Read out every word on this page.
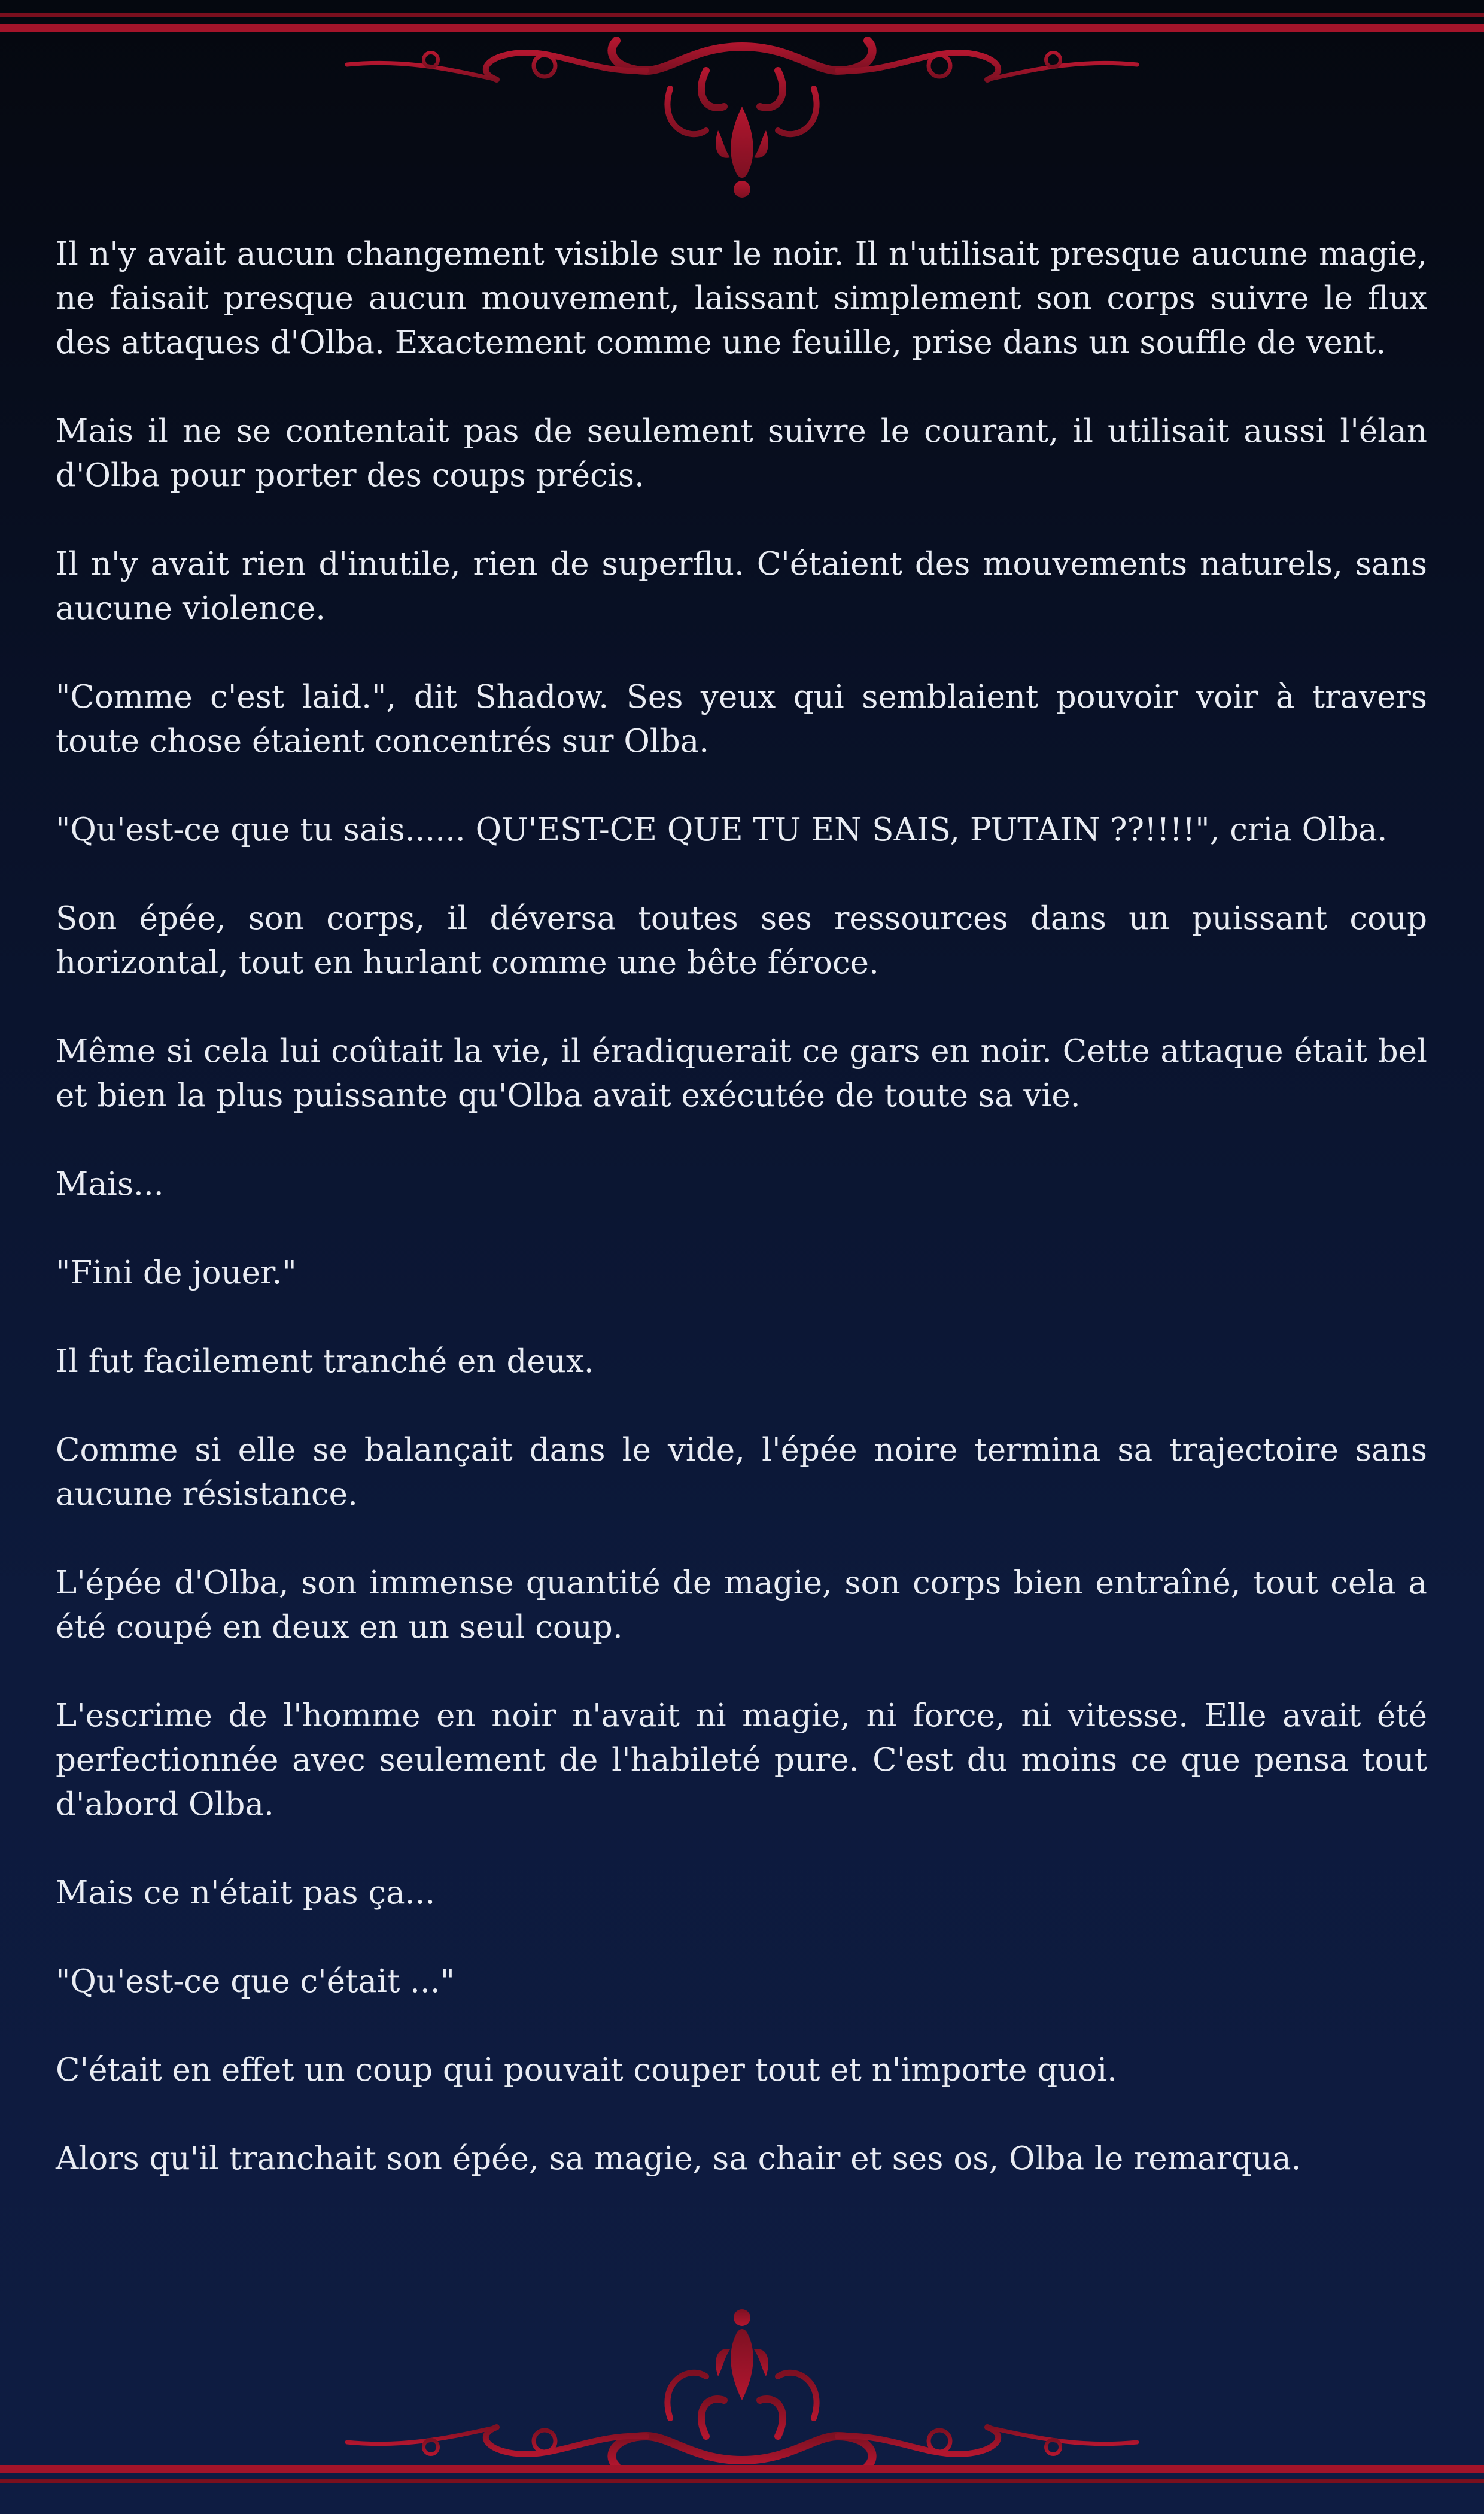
Il n'y avait aucun changement visible sur le noir. Il n'utilisait presque aucune magie, ne faisait presque aucun mouvement, laissant simplement son corps suivre le flux des attaques d'Olba. Exactement comme une feuille, prise dans un souffle de vent.

Mais il ne se contentait pas de seulement suivre le courant, il utilisait aussi l'élan d'Olba pour porter des coups précis.

Il n'y avait rien d'inutile, rien de superflu. C'étaient des mouvements naturels, sans aucune violence.

"Comme c'est laid.", dit Shadow. Ses yeux qui semblaient pouvoir voir à travers toute chose étaient concentrés sur Olba.

"Qu'est-ce que tu sais...... QU'EST-CE QUE TU EN SAIS, PUTAIN ??!!!!", cria Olba.

Son épée, son corps, il déversa toutes ses ressources dans un puissant coup horizontal, tout en hurlant comme une bête féroce.

Même si cela lui coûtait la vie, il éradiquerait ce gars en noir. Cette attaque était bel et bien la plus puissante qu'Olba avait exécutée de toute sa vie.

Mais...

"Fini de jouer."

Il fut facilement tranché en deux.

Comme si elle se balançait dans le vide, l'épée noire termina sa trajectoire sans aucune résistance.

L'épée d'Olba, son immense quantité de magie, son corps bien entraîné, tout cela a été coupé en deux en un seul coup.

L'escrime de l'homme en noir n'avait ni magie, ni force, ni vitesse. Elle avait été perfectionnée avec seulement de l'habileté pure. C'est du moins ce que pensa tout d'abord Olba.

Mais ce n'était pas ça...

"Qu'est-ce que c'était ..."

C'était en effet un coup qui pouvait couper tout et n'importe quoi.

Alors qu'il tranchait son épée, sa magie, sa chair et ses os, Olba le remarqua.
